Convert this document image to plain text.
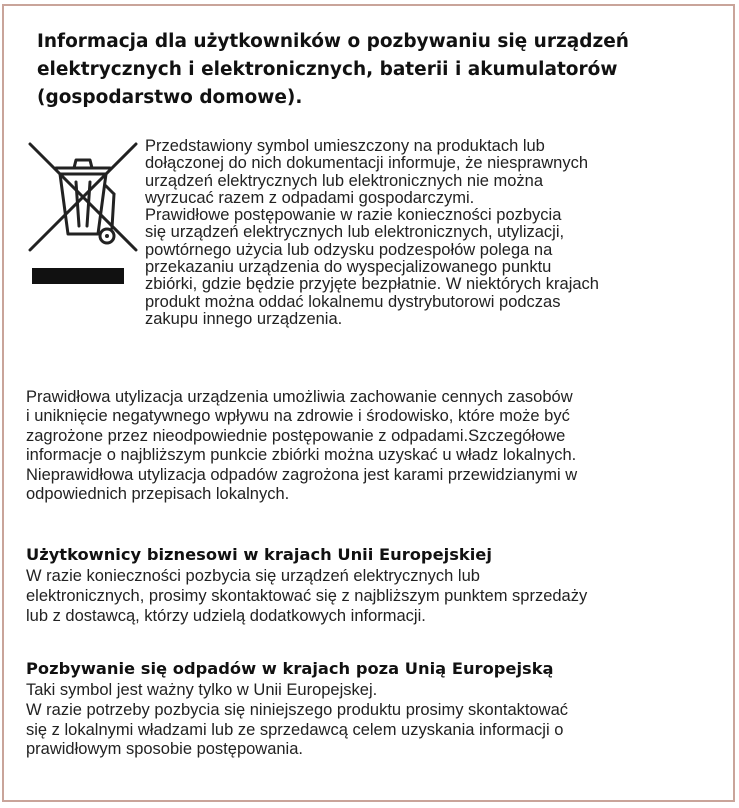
Informacja dla użytkowników o pozbywaniu się urządzeń
elektrycznych i elektronicznych, baterii i akumulatorów
(gospodarstwo domowe).

Przedstawiony symbol umieszczony na produktach lub
dołączonej do nich dokumentacji informuje, że niesprawnych
urządzeń elektrycznych lub elektronicznych nie można
wyrzucać razem z odpadami gospodarczymi.
Prawidłowe postępowanie w razie konieczności pozbycia
się urządzeń elektrycznych lub elektronicznych, utylizacji,
powtórnego użycia lub odzysku podzespołów polega na
przekazaniu urządzenia do wyspecjalizowanego punktu
zbiórki, gdzie będzie przyjęte bezpłatnie. W niektórych krajach
produkt można oddać lokalnemu dystrybutorowi podczas
zakupu innego urządzenia.

Prawidłowa utylizacja urządzenia umożliwia zachowanie cennych zasobów
i uniknięcie negatywnego wpływu na zdrowie i środowisko, które może być
zagrożone przez nieodpowiednie postępowanie z odpadami.Szczegółowe
informacje o najbliższym punkcie zbiórki można uzyskać u władz lokalnych.
Nieprawidłowa utylizacja odpadów zagrożona jest karami przewidzianymi w
odpowiednich przepisach lokalnych.

Użytkownicy biznesowi w krajach Unii Europejskiej

W razie konieczności pozbycia się urządzeń elektrycznych lub
elektronicznych, prosimy skontaktować się z najbliższym punktem sprzedaży
lub z dostawcą, którzy udzielą dodatkowych informacji.

Pozbywanie się odpadów w krajach poza Unią Europejską

Taki symbol jest ważny tylko w Unii Europejskej.
W razie potrzeby pozbycia się niniejszego produktu prosimy skontaktować
się z lokalnymi władzami lub ze sprzedawcą celem uzyskania informacji o
prawidłowym sposobie postępowania.
